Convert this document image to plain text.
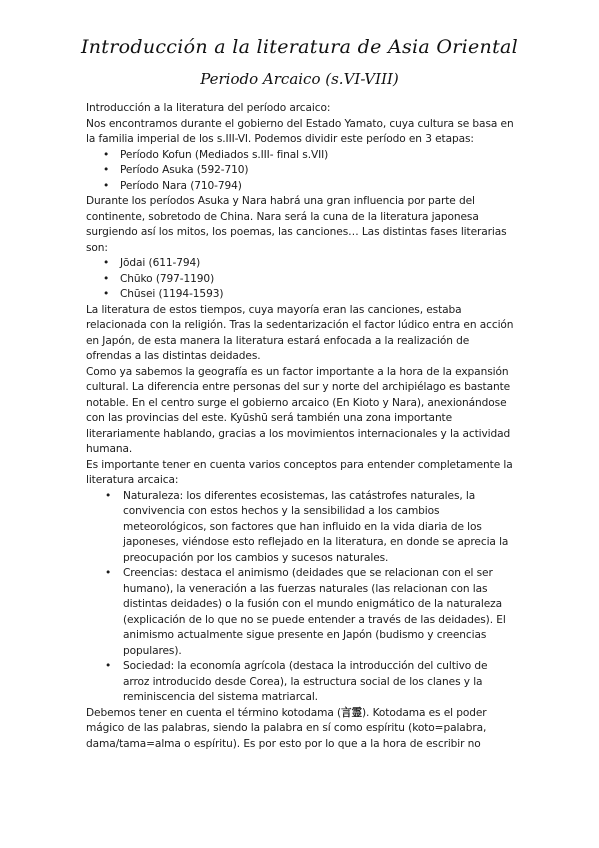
Introducción a la literatura de Asia Oriental
Periodo Arcaico (s.VI-VIII)

Introducción a la literatura del período arcaico:

Nos encontramos durante el gobierno del Estado Yamato, cuya cultura se basa en la familia imperial de los s.III-VI. Podemos dividir este período en 3 etapas:

• Período Kofun (Mediados s.III- final s.VII)
• Período Asuka (592-710)
• Período Nara (710-794)

Durante los períodos Asuka y Nara habrá una gran influencia por parte del continente, sobretodo de China. Nara será la cuna de la literatura japonesa surgiendo así los mitos, los poemas, las canciones… Las distintas fases literarias son:

• Jōdai (611-794)
• Chūko (797-1190)
• Chūsei (1194-1593)

La literatura de estos tiempos, cuya mayoría eran las canciones, estaba relacionada con la religión. Tras la sedentarización el factor lúdico entra en acción en Japón, de esta manera la literatura estará enfocada a la realización de ofrendas a las distintas deidades.

Como ya sabemos la geografía es un factor importante a la hora de la expansión cultural. La diferencia entre personas del sur y norte del archipiélago es bastante notable. En el centro surge el gobierno arcaico (En Kioto y Nara), anexionándose con las provincias del este. Kyūshū será también una zona importante literariamente hablando, gracias a los movimientos internacionales y la actividad humana.

Es importante tener en cuenta varios conceptos para entender completamente la literatura arcaica:

• Naturaleza: los diferentes ecosistemas, las catástrofes naturales, la convivencia con estos hechos y la sensibilidad a los cambios meteorológicos, son factores que han influido en la vida diaria de los japoneses, viéndose esto reflejado en la literatura, en donde se aprecia la preocupación por los cambios y sucesos naturales.
• Creencias: destaca el animismo (deidades que se relacionan con el ser humano), la veneración a las fuerzas naturales (las relacionan con las distintas deidades) o la fusión con el mundo enigmático de la naturaleza (explicación de lo que no se puede entender a través de las deidades). El animismo actualmente sigue presente en Japón (budismo y creencias populares).
• Sociedad: la economía agrícola (destaca la introducción del cultivo de arroz introducido desde Corea), la estructura social de los clanes y la reminiscencia del sistema matriarcal.

Debemos tener en cuenta el término kotodama (言霊). Kotodama es el poder mágico de las palabras, siendo la palabra en sí como espíritu (koto=palabra, dama/tama=alma o espíritu). Es por esto por lo que a la hora de escribir no
